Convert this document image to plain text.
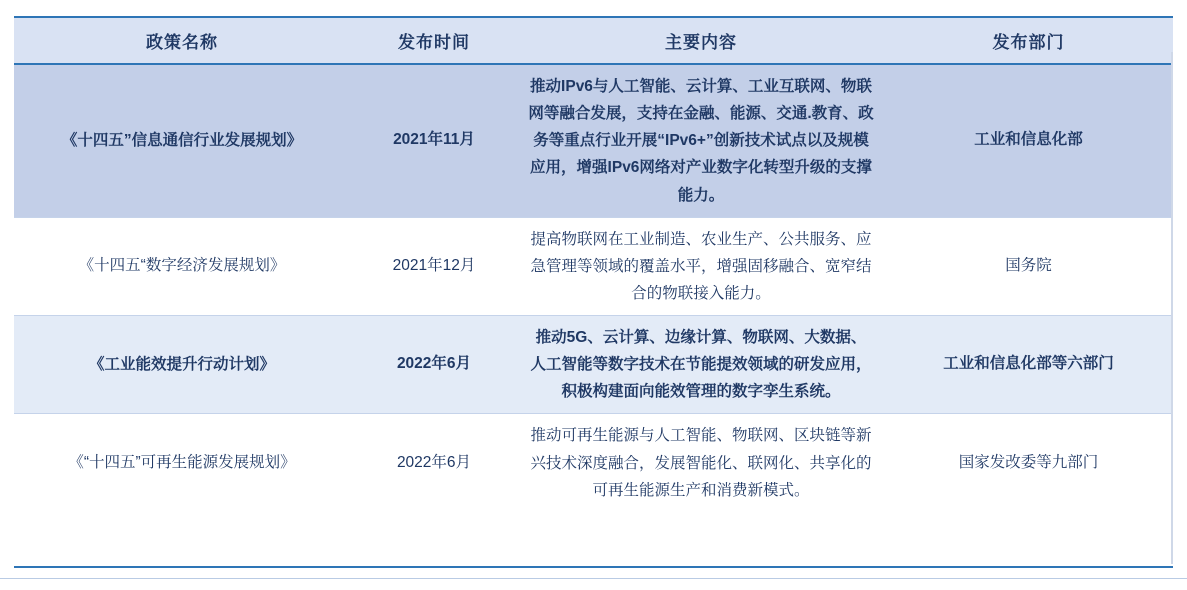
政策名称	发布时间	主要内容	发布部门
《十四五”信息通信行业发展规划》	2021年11月	推动IPv6与人工智能、云计算、工业互联网、物联网等融合发展，支持在金融、能源、交通.教育、政务等重点行业开展“IPv6+”创新技术试点以及规模应用，增强IPv6网络对产业数字化转型升级的支撑能力。	工业和信息化部
《十四五“数字经济发展规划》	2021年12月	提高物联网在工业制造、农业生产、公共服务、应急管理等领域的覆盖水平，增强固移融合、宽窄结合的物联接入能力。	国务院
《工业能效提升行动计划》	2022年6月	推动5G、云计算、边缘计算、物联网、大数据、人工智能等数字技术在节能提效领域的研发应用，积极构建面向能效管理的数字孪生系统。	工业和信息化部等六部门
《“十四五”可再生能源发展规划》	2022年6月	推动可再生能源与人工智能、物联网、区块链等新兴技术深度融合，发展智能化、联网化、共享化的可再生能源生产和消费新模式。	国家发改委等九部门
